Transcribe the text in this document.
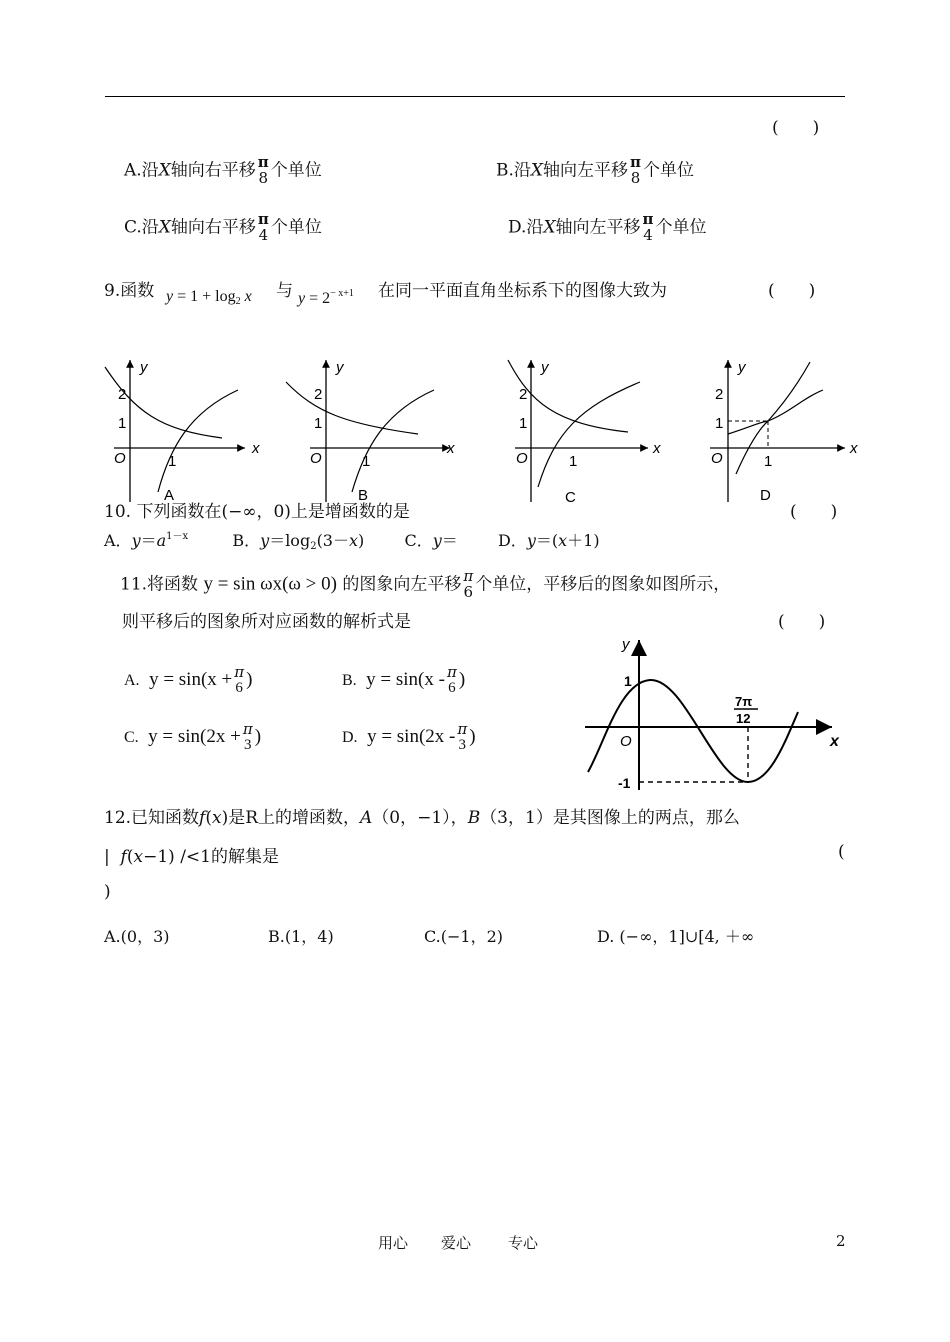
(　　)
A.沿X轴向右平移 π
8 个单位	B.沿X轴向左平移 π
8 个单位
C.沿X轴向右平移 π
4 个单位	D.沿X轴向左平移 π
4 个单位
9.函数 $y = 1 + \log_2 x$ 与 $y = 2^{- x+1}$ 在同一平面直角坐标系下的图像大致为	(　　)
y
x
O
2
1
1
A
y
x
O
2
1
1
B
y
x
O
2
1
1
C
y
x
O
2
1
1
D
10. 下列函数在(−∞，0)上是增函数的是	(　　)
A．$y=a^{1-x}$	B．$y=\log_2(3-x)$	C．y＝	D．y＝(x＋1)
11.将函数 y = sin ωx(ω > 0) 的图象向左平移 π
6 个单位，平移后的图象如图所示，
则平移后的图象所对应函数的解析式是	(　　)
A. y = sin(x + π
6 )	B. y = sin(x - π
6 )
C. y = sin(2x + π
3 )	D. y = sin(2x - π
3 )
y
x
O
1
-1
7π
12
12.已知函数f(x)是R上的增函数，A（0，−1），B（3，1）是其图像上的两点，那么
| f(x−1) /<1的解集是	(
)
A.(0，3)	B.(1，4)	C.(−1，2)	D. (−∞，1]∪[4, ＋∞
用心 爱心 专心	2
